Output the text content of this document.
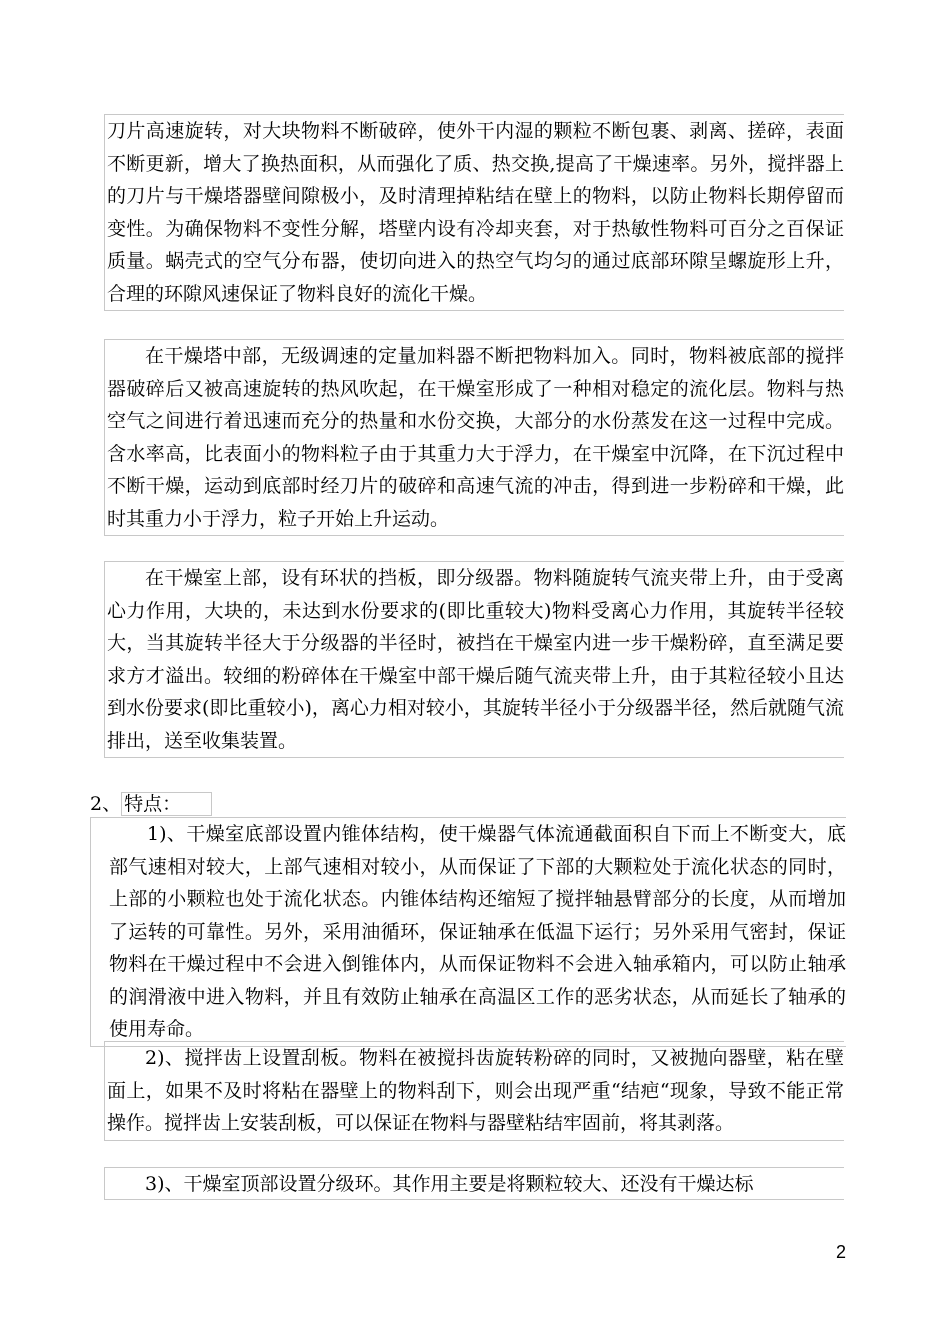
刀片高速旋转，对大块物料不断破碎，使外干内湿的颗粒不断包裹、剥离、搓碎，表面不断更新，增大了换热面积，从而强化了质、热交换,提高了干燥速率。另外，搅拌器上的刀片与干燥塔器壁间隙极小，及时清理掉粘结在壁上的物料，以防止物料长期停留而变性。为确保物料不变性分解，塔壁内设有冷却夹套，对于热敏性物料可百分之百保证质量。蜗壳式的空气分布器，使切向进入的热空气均匀的通过底部环隙呈螺旋形上升，合理的环隙风速保证了物料良好的流化干燥。
在干燥塔中部，无级调速的定量加料器不断把物料加入。同时，物料被底部的搅拌器破碎后又被高速旋转的热风吹起，在干燥室形成了一种相对稳定的流化层。物料与热空气之间进行着迅速而充分的热量和水份交换，大部分的水份蒸发在这一过程中完成。含水率高，比表面小的物料粒子由于其重力大于浮力，在干燥室中沉降，在下沉过程中不断干燥，运动到底部时经刀片的破碎和高速气流的冲击，得到进一步粉碎和干燥，此时其重力小于浮力，粒子开始上升运动。
在干燥室上部，设有环状的挡板，即分级器。物料随旋转气流夹带上升，由于受离心力作用，大块的，未达到水份要求的(即比重较大)物料受离心力作用，其旋转半径较大，当其旋转半径大于分级器的半径时，被挡在干燥室内进一步干燥粉碎，直至满足要求方才溢出。较细的粉碎体在干燥室中部干燥后随气流夹带上升，由于其粒径较小且达到水份要求(即比重较小)，离心力相对较小，其旋转半径小于分级器半径，然后就随气流排出，送至收集装置。
2、 特点：
1)、干燥室底部设置内锥体结构，使干燥器气体流通截面积自下而上不断变大，底部气速相对较大，上部气速相对较小，从而保证了下部的大颗粒处于流化状态的同时，上部的小颗粒也处于流化状态。内锥体结构还缩短了搅拌轴悬臂部分的长度，从而增加了运转的可靠性。另外，采用油循环，保证轴承在低温下运行；另外采用气密封，保证物料在干燥过程中不会进入倒锥体内，从而保证物料不会进入轴承箱内，可以防止轴承的润滑液中进入物料，并且有效防止轴承在高温区工作的恶劣状态，从而延长了轴承的使用寿命。
2)、搅拌齿上设置刮板。物料在被搅抖齿旋转粉碎的同时，又被抛向器壁，粘在壁面上，如果不及时将粘在器壁上的物料刮下，则会出现严重“结疤“现象，导致不能正常操作。搅拌齿上安装刮板，可以保证在物料与器壁粘结牢固前，将其剥落。
3)、干燥室顶部设置分级环。其作用主要是将颗粒较大、还没有干燥达标
2
